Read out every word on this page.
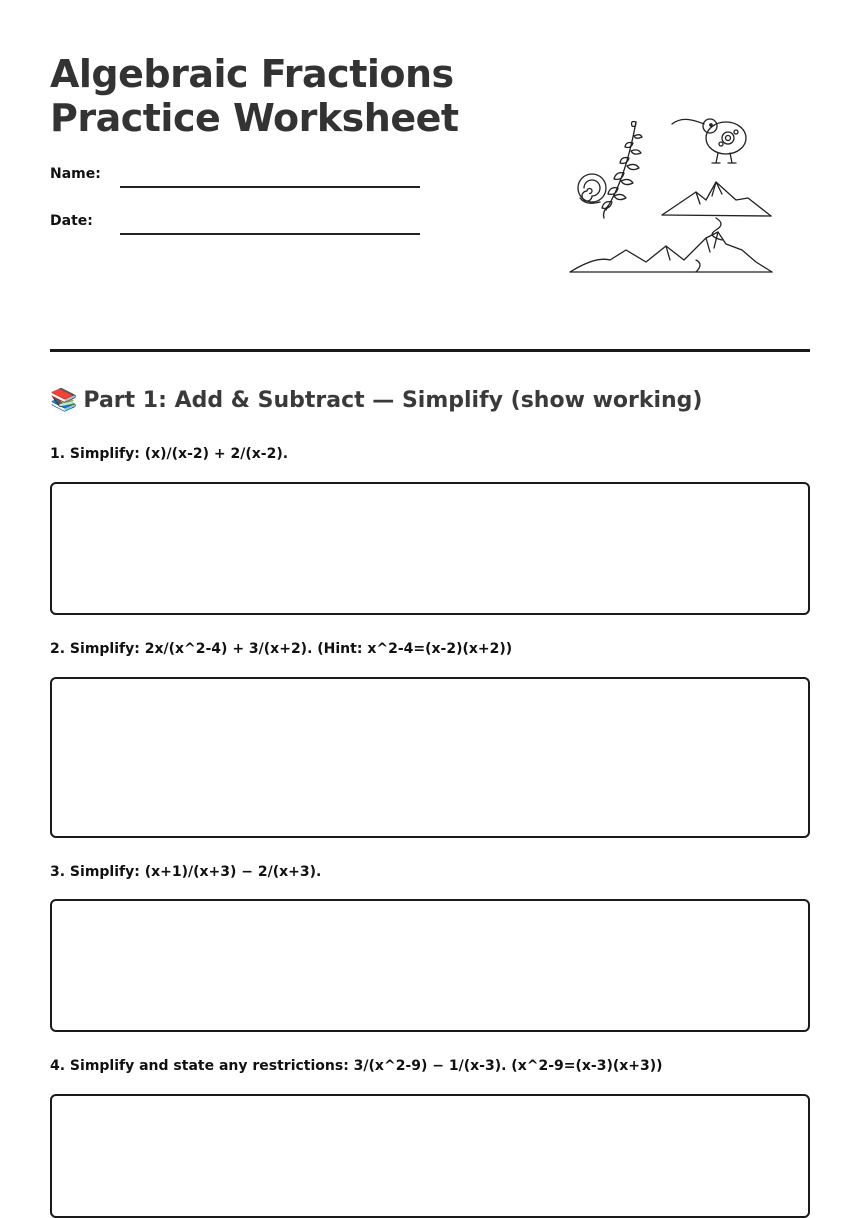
Algebraic Fractions
Practice Worksheet
Name:
Date:
📚 Part 1: Add & Subtract — Simplify (show working)
1. Simplify: (x)/(x-2) + 2/(x-2).
2. Simplify: 2x/(x^2-4) + 3/(x+2). (Hint: x^2-4=(x-2)(x+2))
3. Simplify: (x+1)/(x+3) − 2/(x+3).
4. Simplify and state any restrictions: 3/(x^2-9) − 1/(x-3). (x^2-9=(x-3)(x+3))
